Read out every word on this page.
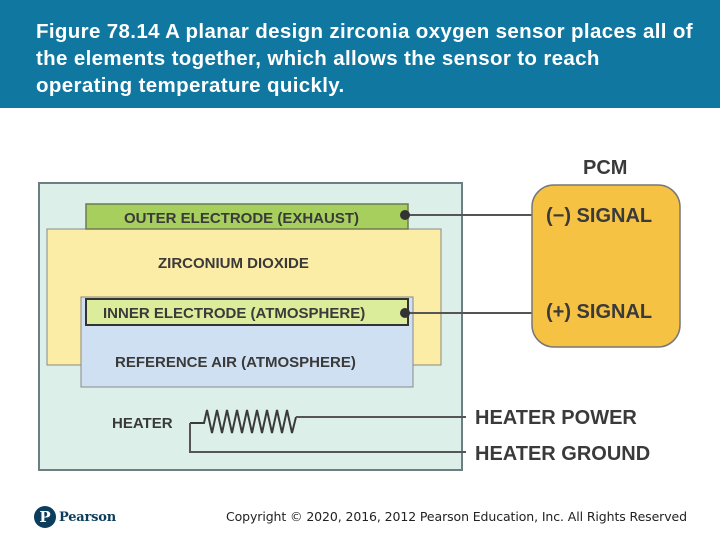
Figure 78.14 A planar design zirconia oxygen sensor places all of the elements together, which allows the sensor to reach operating temperature quickly.
ZIRCONIUM DIOXIDE
OUTER ELECTRODE (EXHAUST)
REFERENCE AIR (ATMOSPHERE)
INNER ELECTRODE (ATMOSPHERE)
HEATER
PCM
(−) SIGNAL
(+) SIGNAL
HEATER POWER
HEATER GROUND
P Pearson	Copyright © 2020, 2016, 2012 Pearson Education, Inc. All Rights Reserved
